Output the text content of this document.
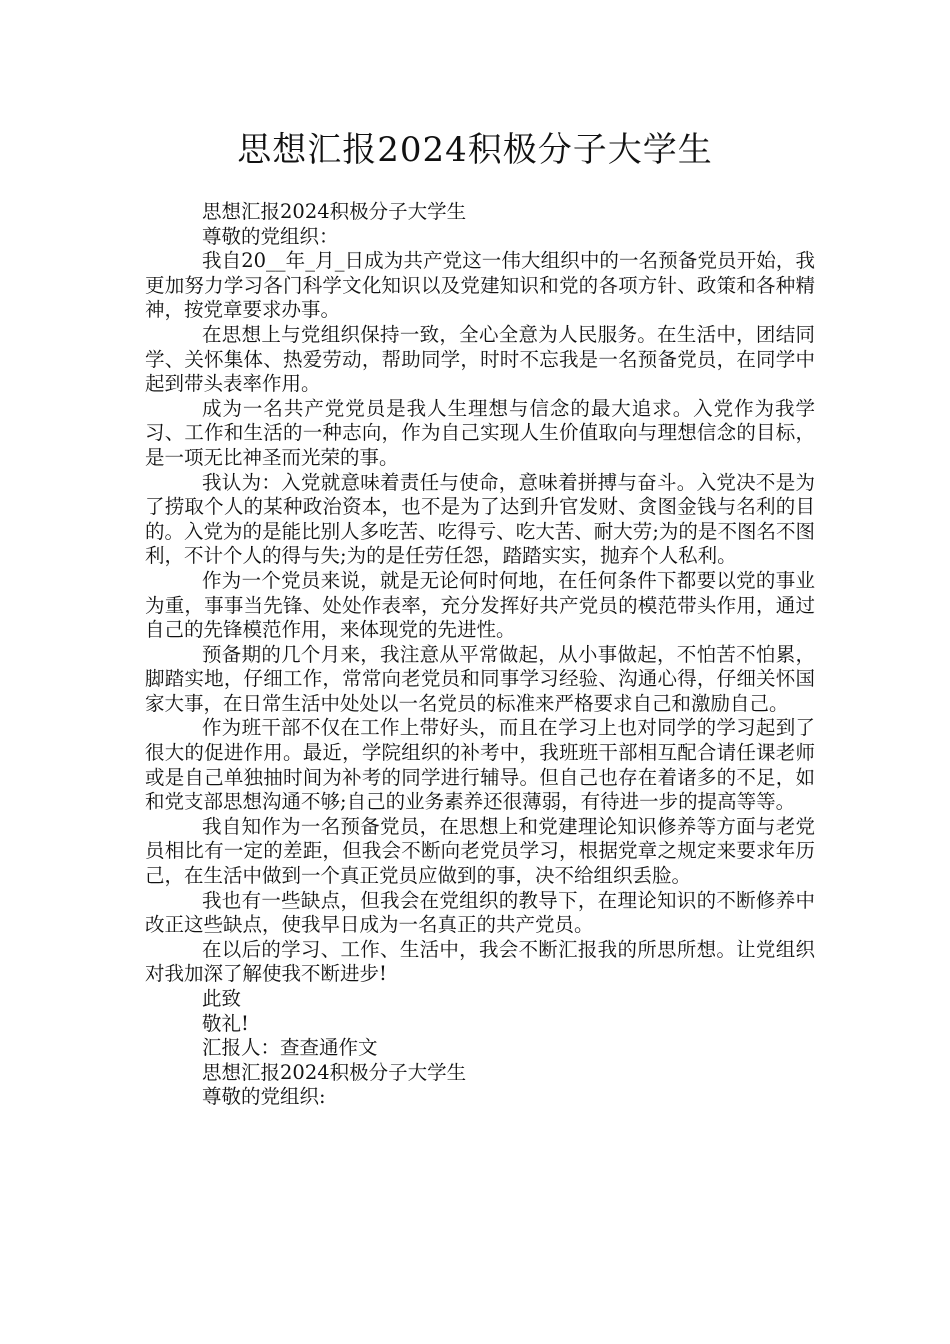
思想汇报2024积极分子大学生

思想汇报2024积极分子大学生

尊敬的党组织：

我自20__年_月_日成为共产党这一伟大组织中的一名预备党员开始，我更加努力学习各门科学文化知识以及党建知识和党的各项方针、政策和各种精神，按党章要求办事。

在思想上与党组织保持一致，全心全意为人民服务。在生活中，团结同学、关怀集体、热爱劳动，帮助同学，时时不忘我是一名预备党员，在同学中起到带头表率作用。

成为一名共产党党员是我人生理想与信念的最大追求。入党作为我学习、工作和生活的一种志向，作为自己实现人生价值取向与理想信念的目标，是一项无比神圣而光荣的事。

我认为：入党就意味着责任与使命，意味着拼搏与奋斗。入党决不是为了捞取个人的某种政治资本，也不是为了达到升官发财、贪图金钱与名利的目的。入党为的是能比别人多吃苦、吃得亏、吃大苦、耐大劳;为的是不图名不图利，不计个人的得与失;为的是任劳任怨，踏踏实实，抛弃个人私利。

作为一个党员来说，就是无论何时何地，在任何条件下都要以党的事业为重，事事当先锋、处处作表率，充分发挥好共产党员的模范带头作用，通过自己的先锋模范作用，来体现党的先进性。

预备期的几个月来，我注意从平常做起，从小事做起，不怕苦不怕累，脚踏实地，仔细工作，常常向老党员和同事学习经验、沟通心得，仔细关怀国家大事，在日常生活中处处以一名党员的标准来严格要求自己和激励自己。

作为班干部不仅在工作上带好头，而且在学习上也对同学的学习起到了很大的促进作用。最近，学院组织的补考中，我班班干部相互配合请任课老师或是自己单独抽时间为补考的同学进行辅导。但自己也存在着诸多的不足，如和党支部思想沟通不够;自己的业务素养还很薄弱，有待进一步的提高等等。

我自知作为一名预备党员，在思想上和党建理论知识修养等方面与老党员相比有一定的差距，但我会不断向老党员学习，根据党章之规定来要求年历己，在生活中做到一个真正党员应做到的事，决不给组织丢脸。

我也有一些缺点，但我会在党组织的教导下，在理论知识的不断修养中改正这些缺点，使我早日成为一名真正的共产党员。

在以后的学习、工作、生活中，我会不断汇报我的所思所想。让党组织对我加深了解使我不断进步!

此致

敬礼!

汇报人：查查通作文

思想汇报2024积极分子大学生

尊敬的党组织:
